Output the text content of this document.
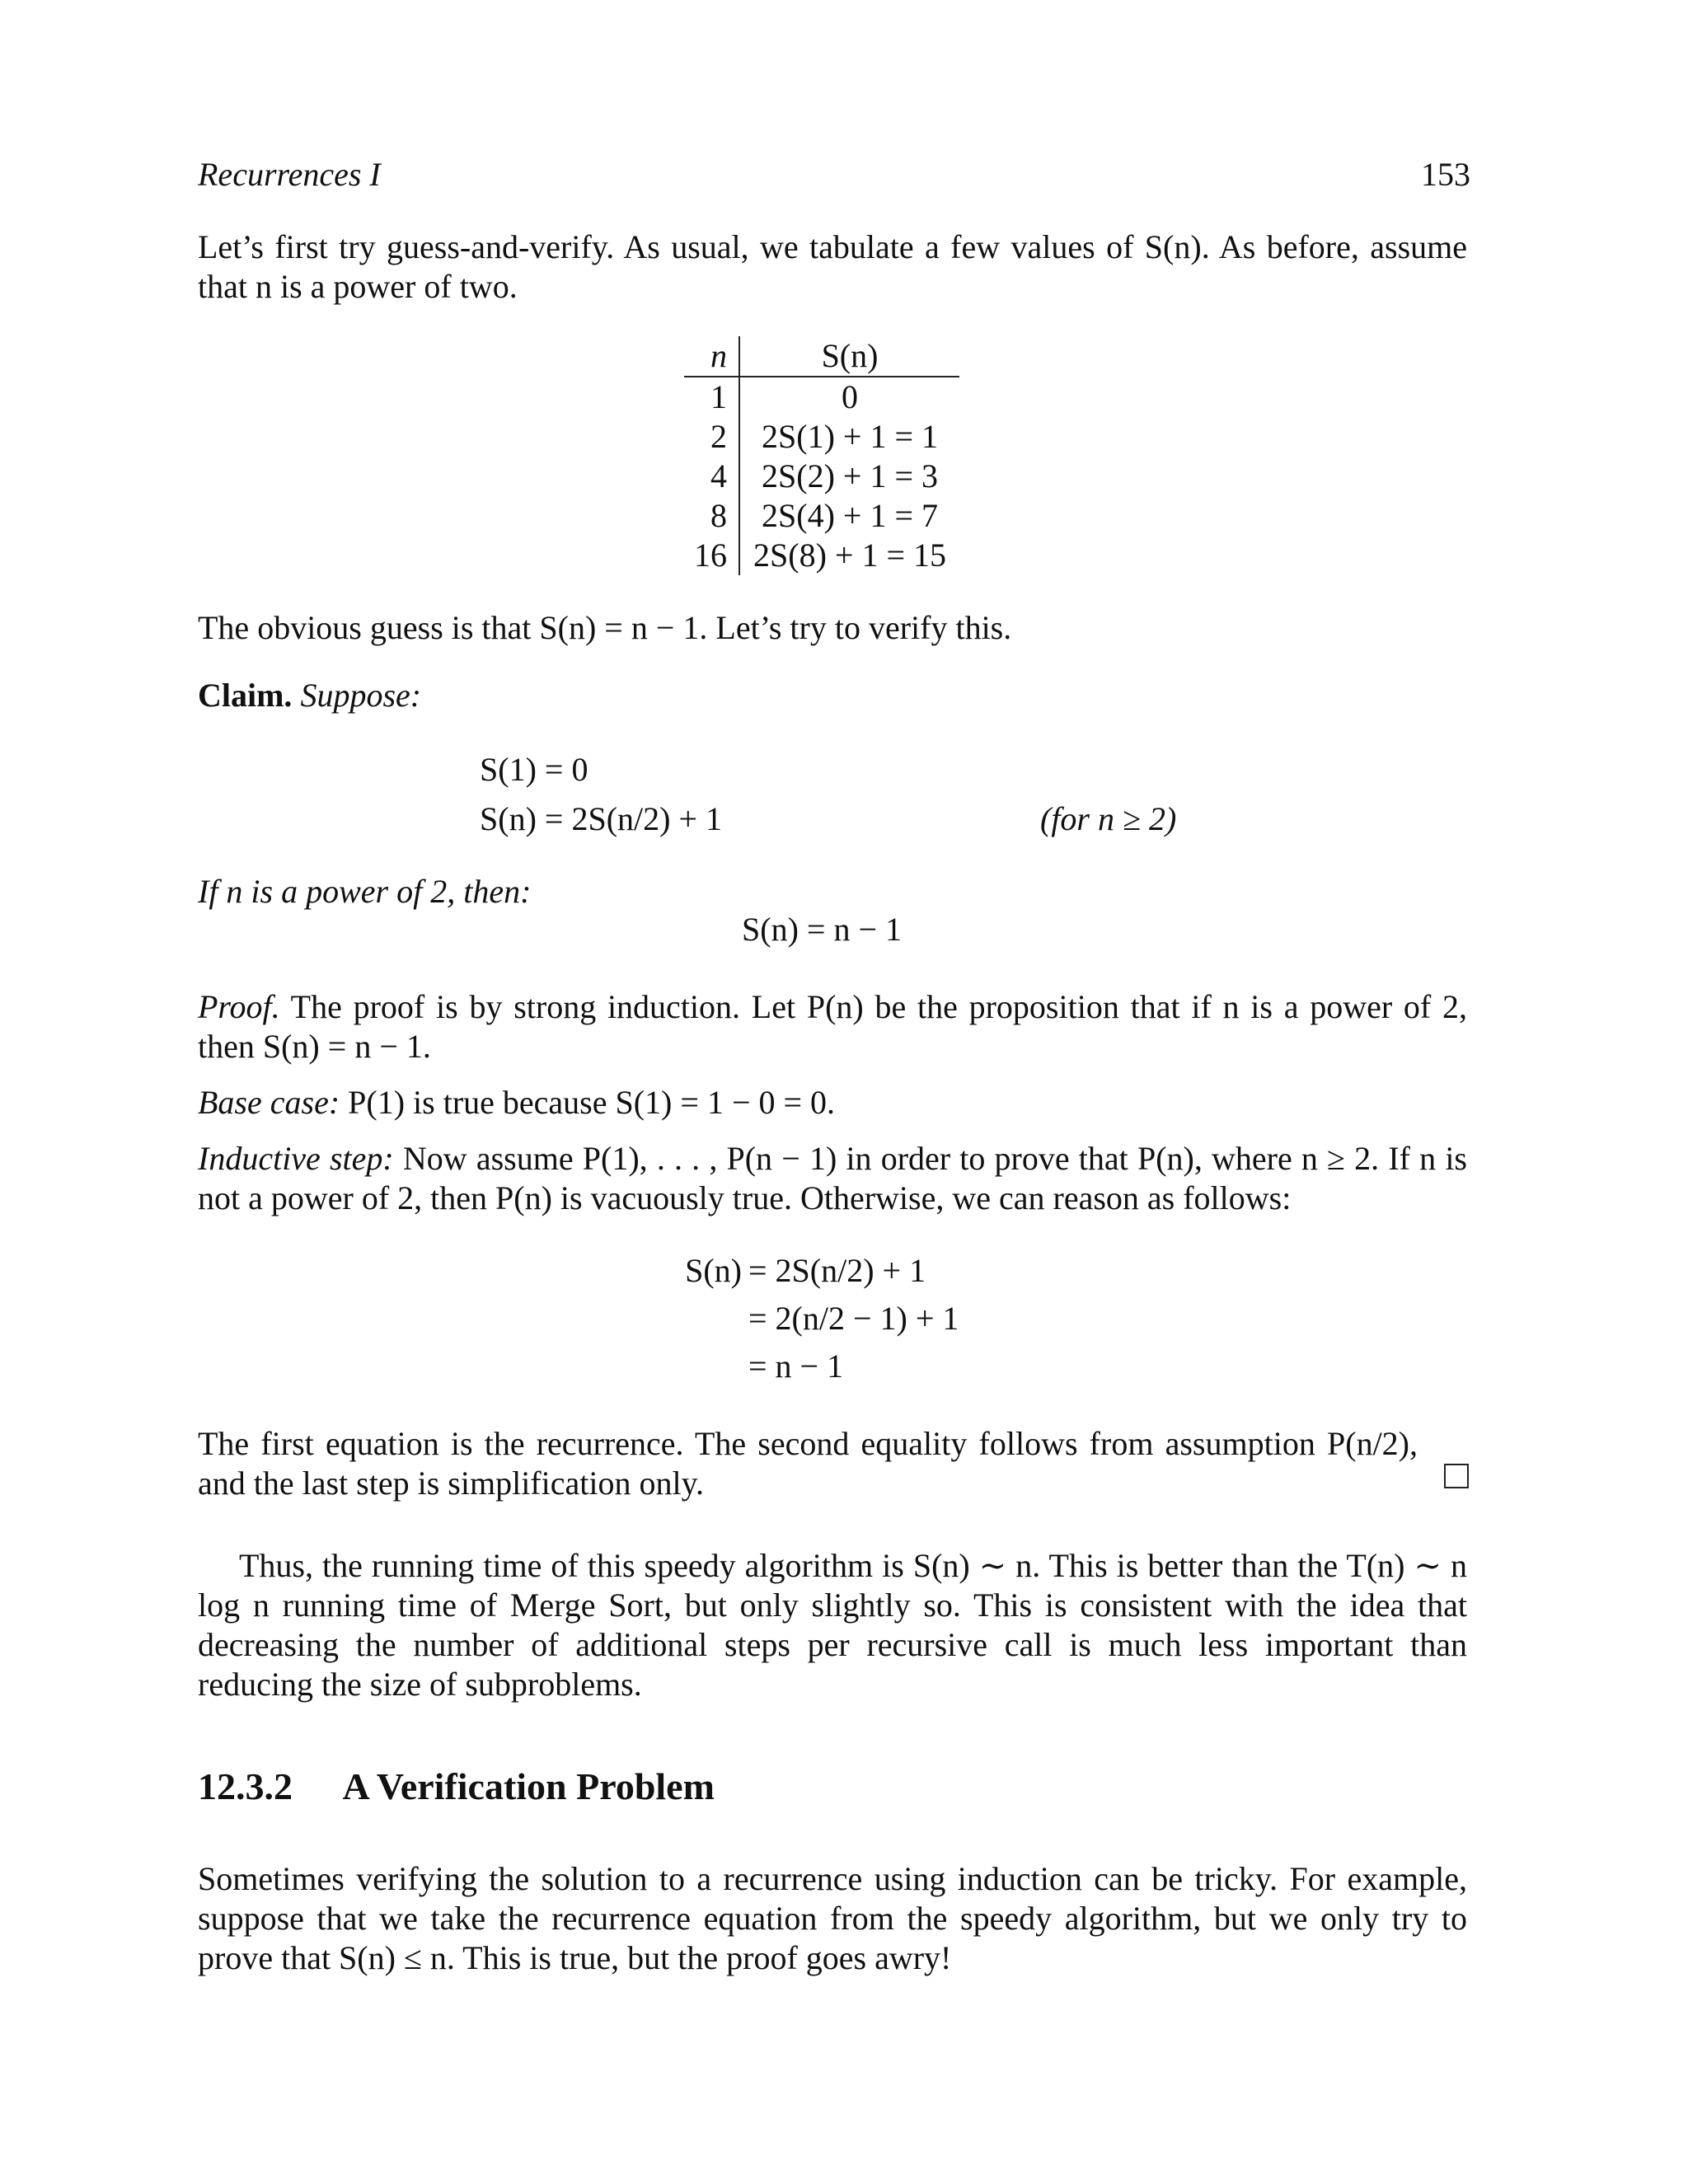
Recurrences I	153
Let’s first try guess-and-verify. As usual, we tabulate a few values of S(n). As before, assume that n is a power of two.
n	S(n)
1	0
2	2S(1) + 1 = 1
4	2S(2) + 1 = 3
8	2S(4) + 1 = 7
16	2S(8) + 1 = 15
The obvious guess is that S(n) = n − 1. Let’s try to verify this.
Claim. Suppose:
S(1) = 0
S(n) = 2S(n/2) + 1	(for n ≥ 2)
If n is a power of 2, then:
S(n) = n − 1
Proof. The proof is by strong induction. Let P(n) be the proposition that if n is a power of 2, then S(n) = n − 1.
Base case: P(1) is true because S(1) = 1 − 0 = 0.
Inductive step: Now assume P(1), . . . , P(n − 1) in order to prove that P(n), where n ≥ 2. If n is not a power of 2, then P(n) is vacuously true. Otherwise, we can reason as follows:
S(n) = 2S(n/2) + 1
= 2(n/2 − 1) + 1
= n − 1
The first equation is the recurrence. The second equality follows from assumption P(n/2), and the last step is simplification only.
Thus, the running time of this speedy algorithm is S(n) ∼ n. This is better than the T(n) ∼ n log n running time of Merge Sort, but only slightly so. This is consistent with the idea that decreasing the number of additional steps per recursive call is much less important than reducing the size of subproblems.
12.3.2 A Verification Problem
Sometimes verifying the solution to a recurrence using induction can be tricky. For example, suppose that we take the recurrence equation from the speedy algorithm, but we only try to prove that S(n) ≤ n. This is true, but the proof goes awry!
